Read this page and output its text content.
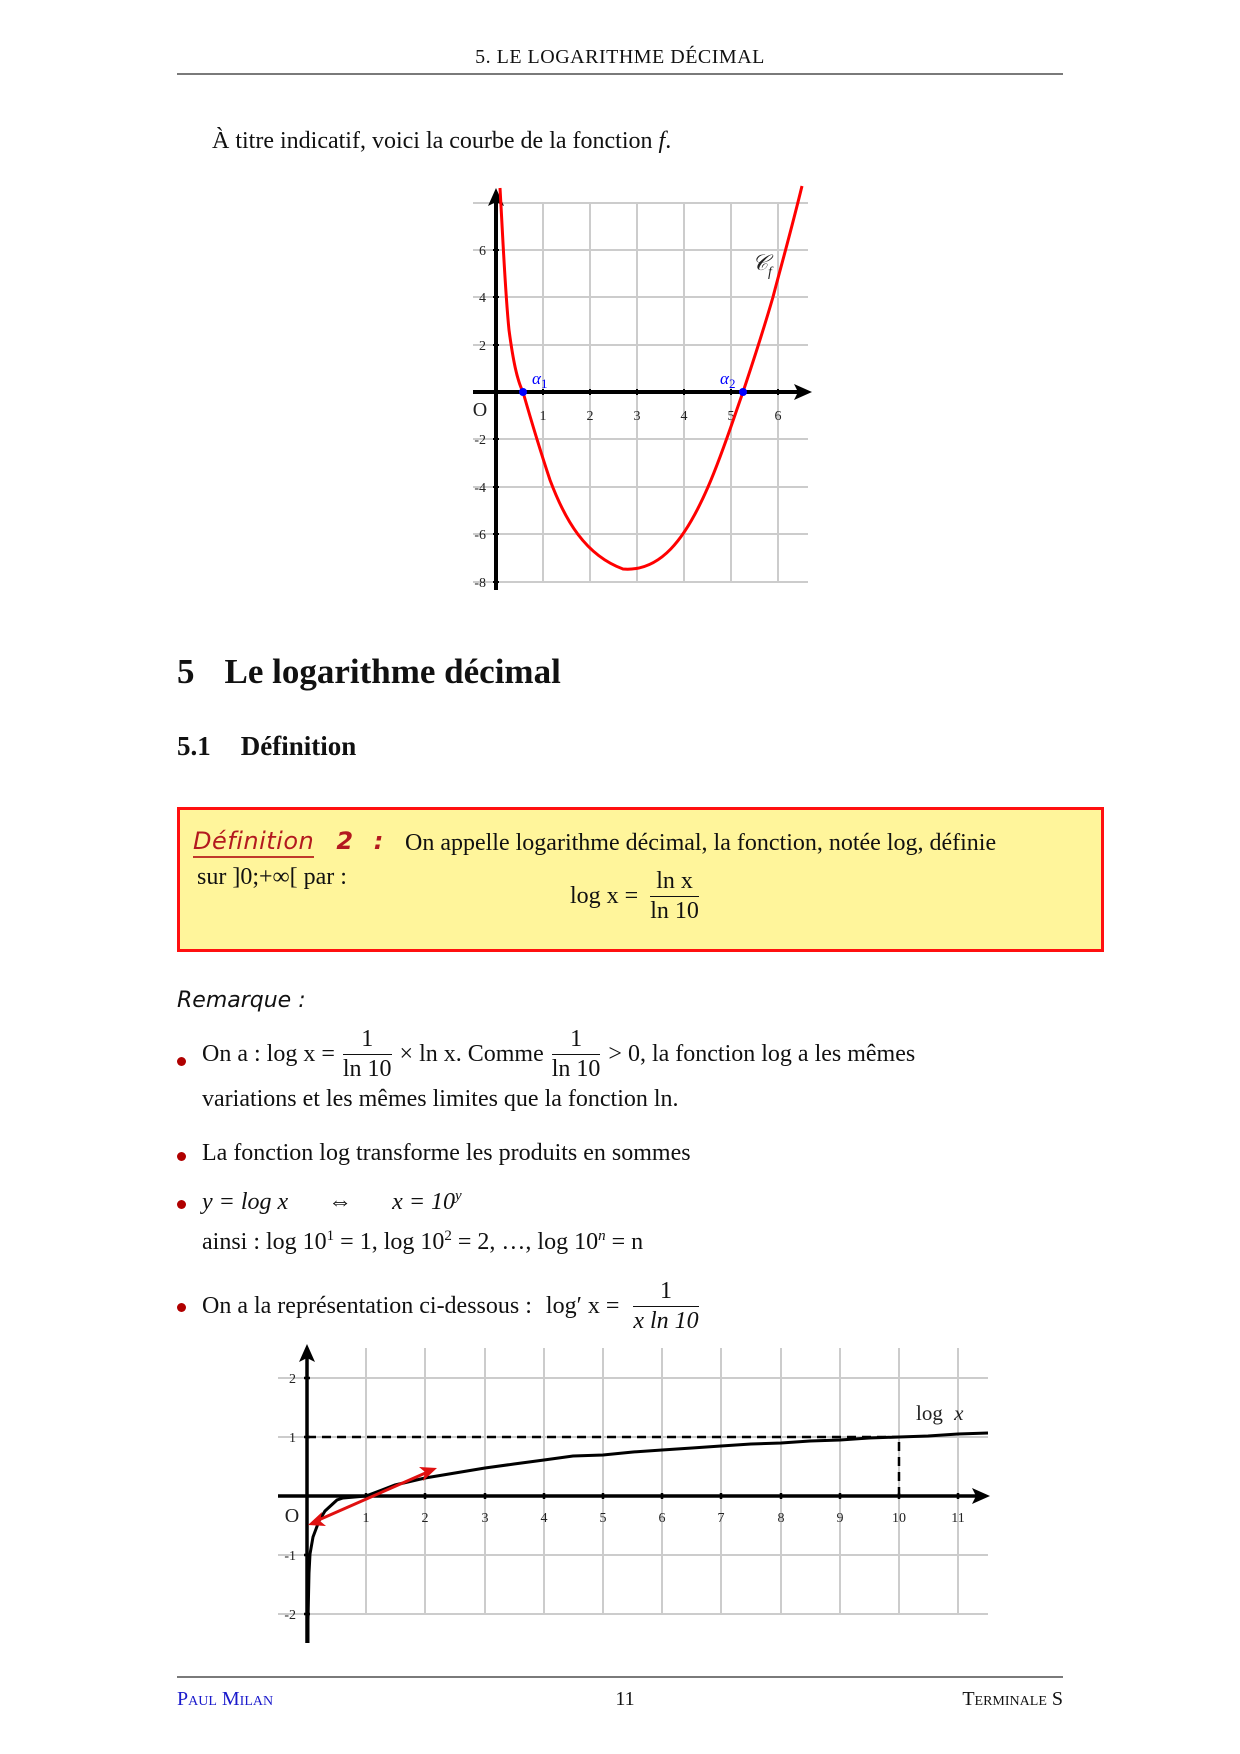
5. LE LOGARITHME DÉCIMAL
À titre indicatif, voici la courbe de la fonction f.
1	2	3	4	5	6
6
4
2
-2
-4
-6
-8
O
$\alpha_1$	$\alpha_2$
𝒞$_f$
5 Le logarithme décimal
5.1 Définition
Définition 2 : On appelle logarithme décimal, la fonction, notée log, définie
sur ]0;+∞[ par :
$\log x = \frac{\text{ln x}}{\ln 10}$
Remarque :
On a : $\log x = \frac{1}{\ln 10} \times \ln x$. Comme $\frac{1}{\ln 10} > 0$, la fonction log a les mêmes
variations et les mêmes limites que la fonction ln.
La fonction log transforme les produits en sommes
y = log x ⇔ $x = 10^y$
ainsi : $\log 10^1 = 1$, $\log 10^2 = 2$, …, $\log 10^n = n$
On a la représentation ci-dessous : log′ $x = \frac{1}{\text{x ln 10}}$
1	2	3	4	5	6	7	8	9	10	11
2
1
-1
-2
O
log x
Paul Milan	11	Terminale S
